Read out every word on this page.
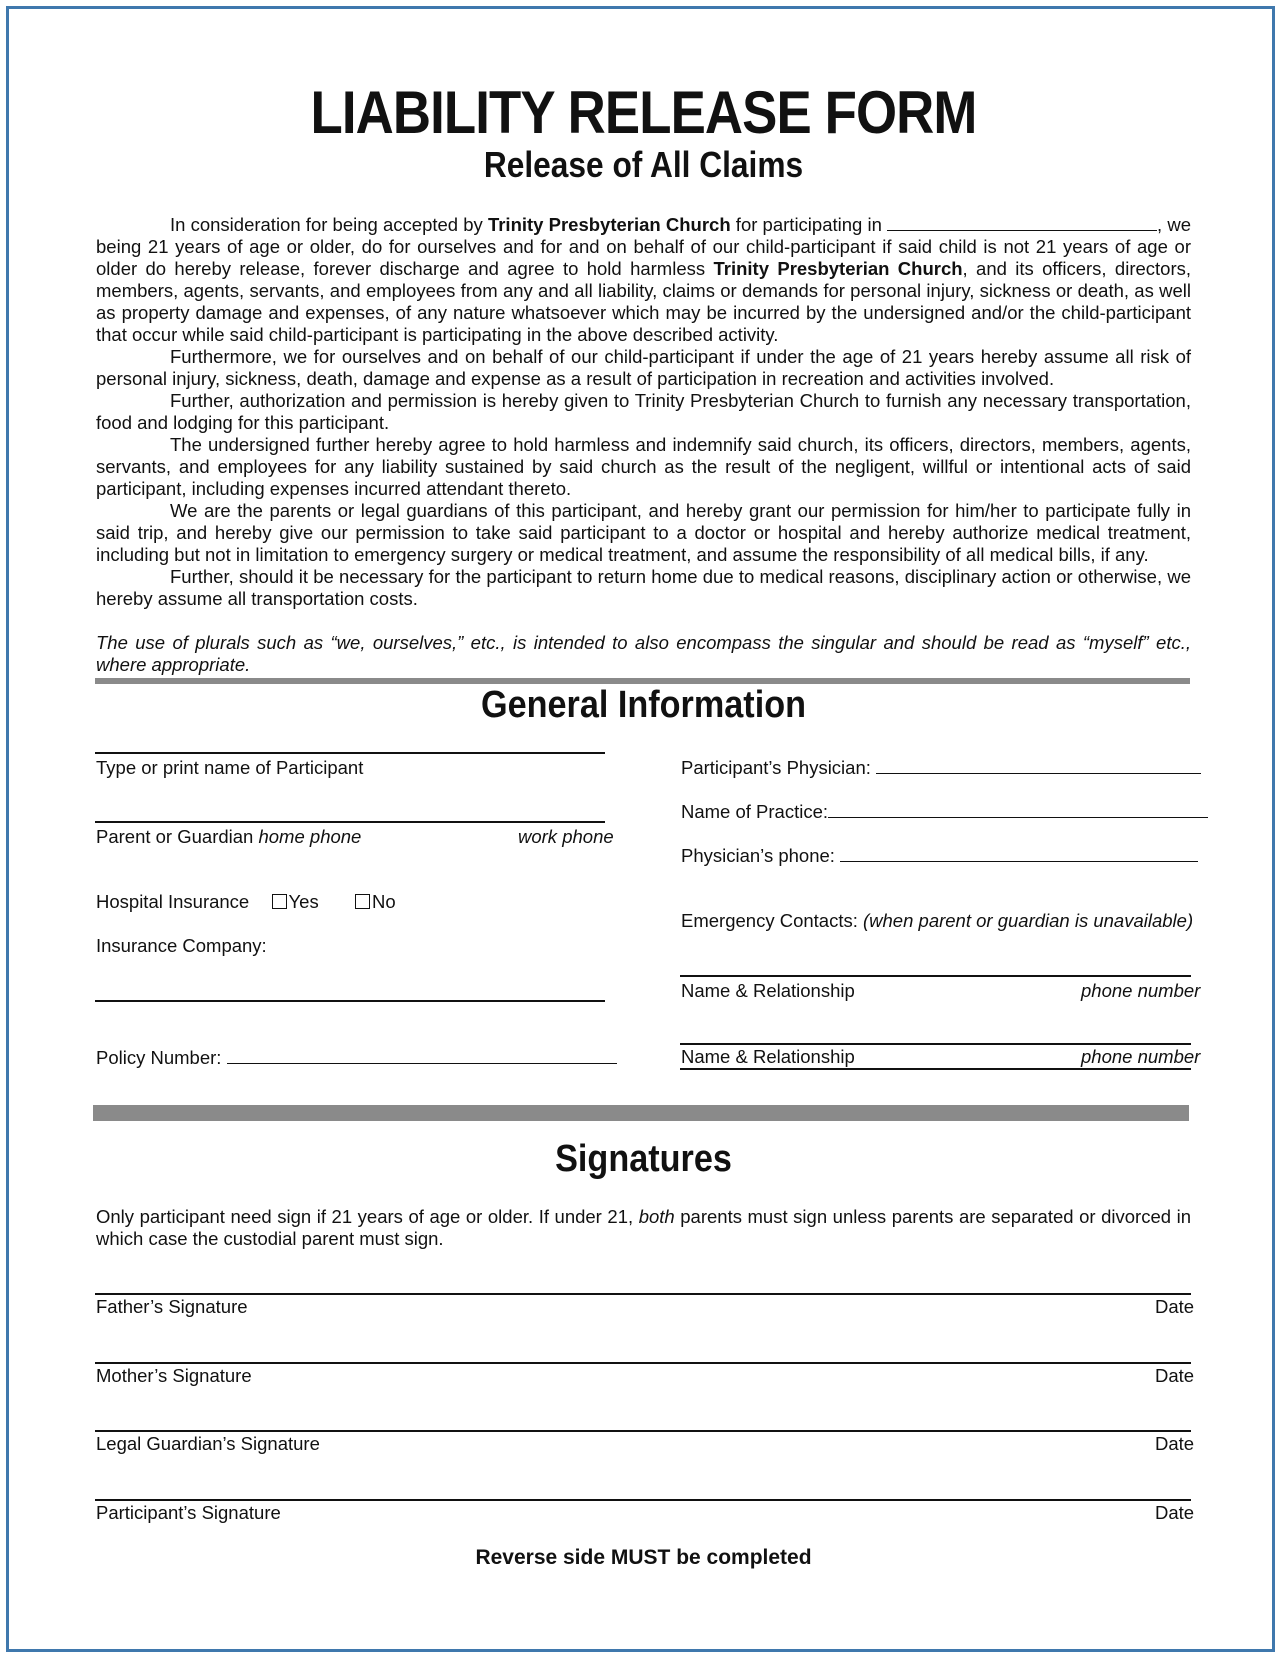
LIABILITY RELEASE FORM
Release of All Claims
In consideration for being accepted by Trinity Presbyterian Church for participating in	, we being 21 years of age or older, do for ourselves and for and on behalf of our child-participant if said child is not 21 years of age or older do hereby release, forever discharge and agree to hold harmless Trinity Presbyterian Church, and its officers, directors, members, agents, servants, and employees from any and all liability, claims or demands for personal injury, sickness or death, as well as property damage and expenses, of any nature whatsoever which may be incurred by the undersigned and/or the child-participant that occur while said child-participant is participating in the above described activity.
Furthermore, we for ourselves and on behalf of our child-participant if under the age of 21 years hereby assume all risk of personal injury, sickness, death, damage and expense as a result of participation in recreation and activities involved.
Further, authorization and permission is hereby given to Trinity Presbyterian Church to furnish any necessary transportation, food and lodging for this participant.
The undersigned further hereby agree to hold harmless and indemnify said church, its officers, directors, members, agents, servants, and employees for any liability sustained by said church as the result of the negligent, willful or intentional acts of said participant, including expenses incurred attendant thereto.
We are the parents or legal guardians of this participant, and hereby grant our permission for him/her to participate fully in said trip, and hereby give our permission to take said participant to a doctor or hospital and hereby authorize medical treatment, including but not in limitation to emergency surgery or medical treatment, and assume the responsibility of all medical bills, if any.
Further, should it be necessary for the participant to return home due to medical reasons, disciplinary action or otherwise, we hereby assume all transportation costs.
The use of plurals such as “we, ourselves,” etc., is intended to also encompass the singular and should be read as “myself” etc., where appropriate.
General Information
Type or print name of Participant
Parent or Guardian home phone	work phone
Hospital Insurance Yes	No
Insurance Company:
Policy Number:
Participant’s Physician:
Name of Practice:
Physician’s phone:
Emergency Contacts: (when parent or guardian is unavailable)
Name & Relationship	phone number
Name & Relationship	phone number
Signatures
Only participant need sign if 21 years of age or older. If under 21, both parents must sign unless parents are separated or divorced in which case the custodial parent must sign.
Father’s Signature	Date
Mother’s Signature	Date
Legal Guardian’s Signature	Date
Participant’s Signature	Date
Reverse side MUST be completed
